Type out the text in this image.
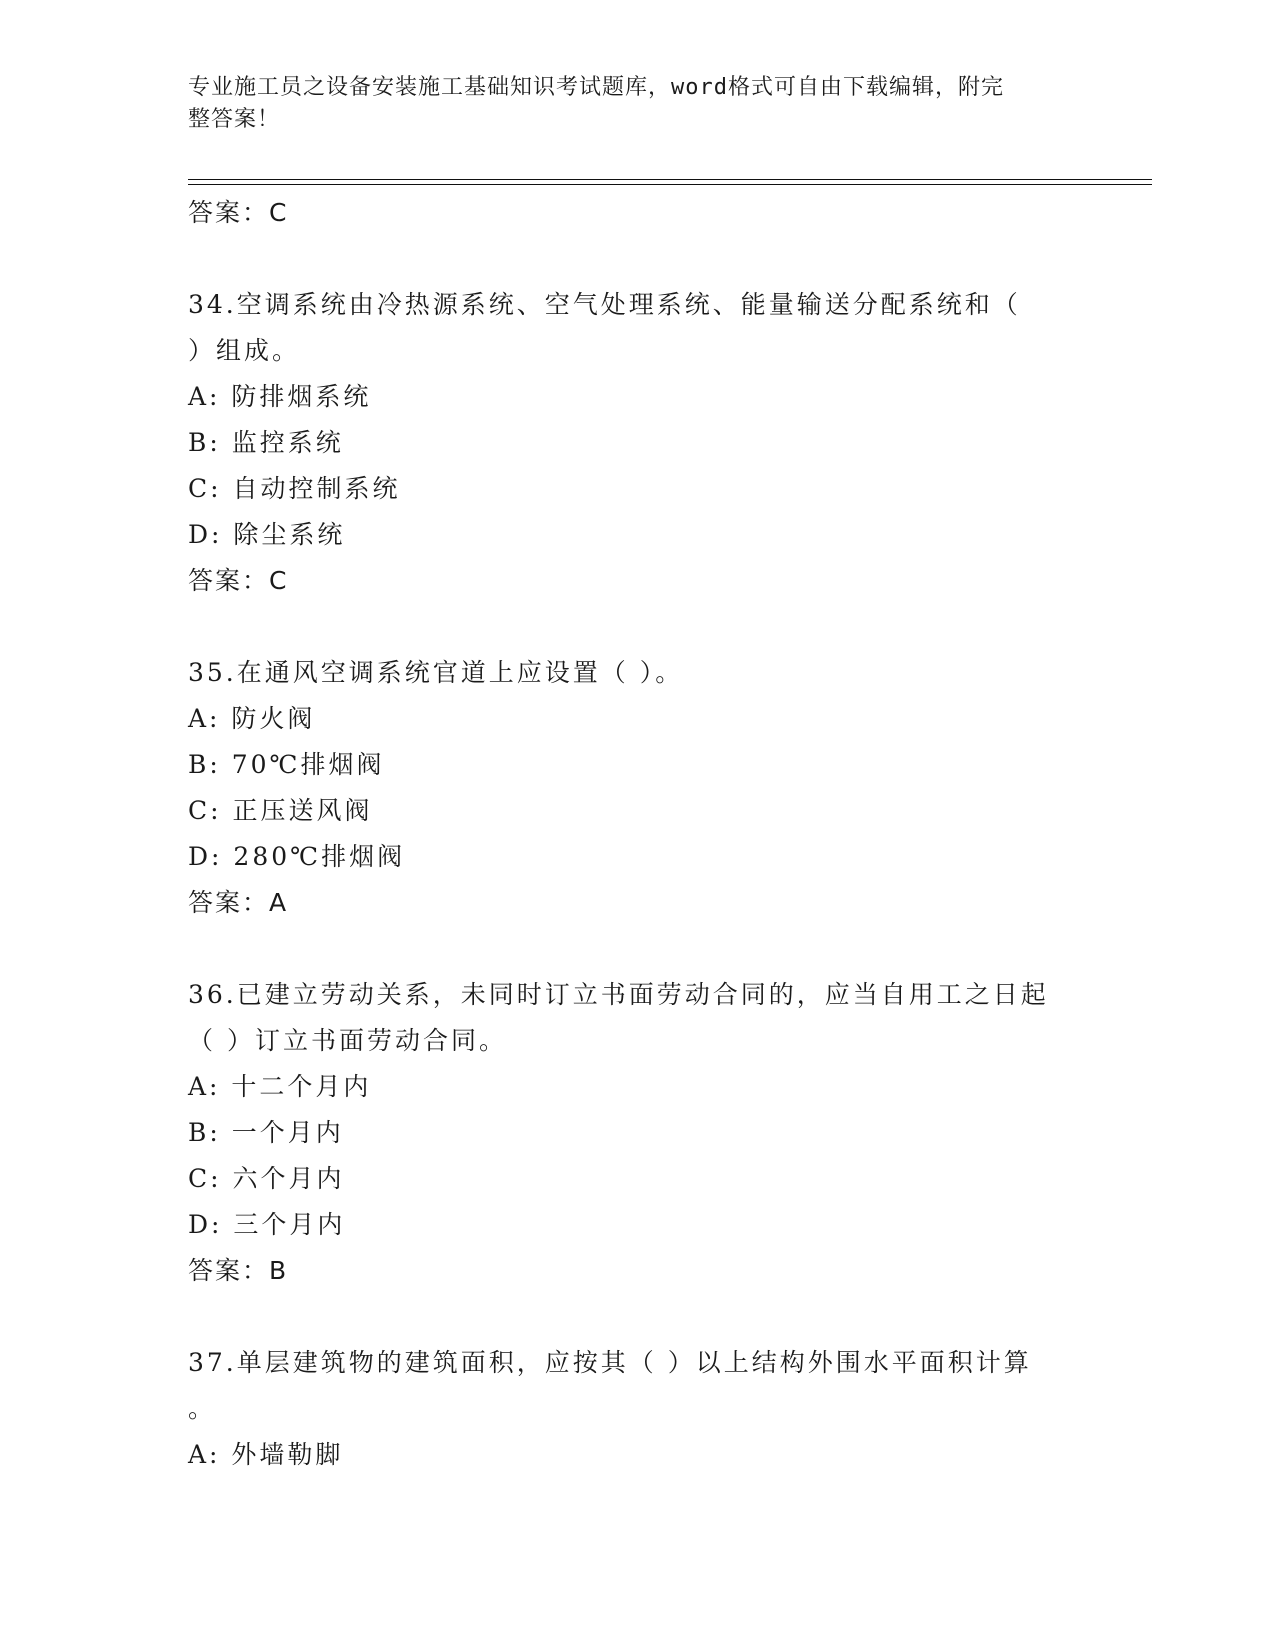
专业施工员之设备安装施工基础知识考试题库，word格式可自由下载编辑，附完
整答案！
答案：C
34.空调系统由冷热源系统、空气处理系统、能量输送分配系统和（
）组成。
A: 防排烟系统
B: 监控系统
C: 自动控制系统
D: 除尘系统
答案：C
35.在通风空调系统官道上应设置（ ）。
A: 防火阀
B: 70℃排烟阀
C: 正压送风阀
D: 280℃排烟阀
答案：A
36.已建立劳动关系，未同时订立书面劳动合同的，应当自用工之日起
（ ）订立书面劳动合同。
A: 十二个月内
B: 一个月内
C: 六个月内
D: 三个月内
答案：B
37.单层建筑物的建筑面积，应按其（ ）以上结构外围水平面积计算
。
A: 外墙勒脚
